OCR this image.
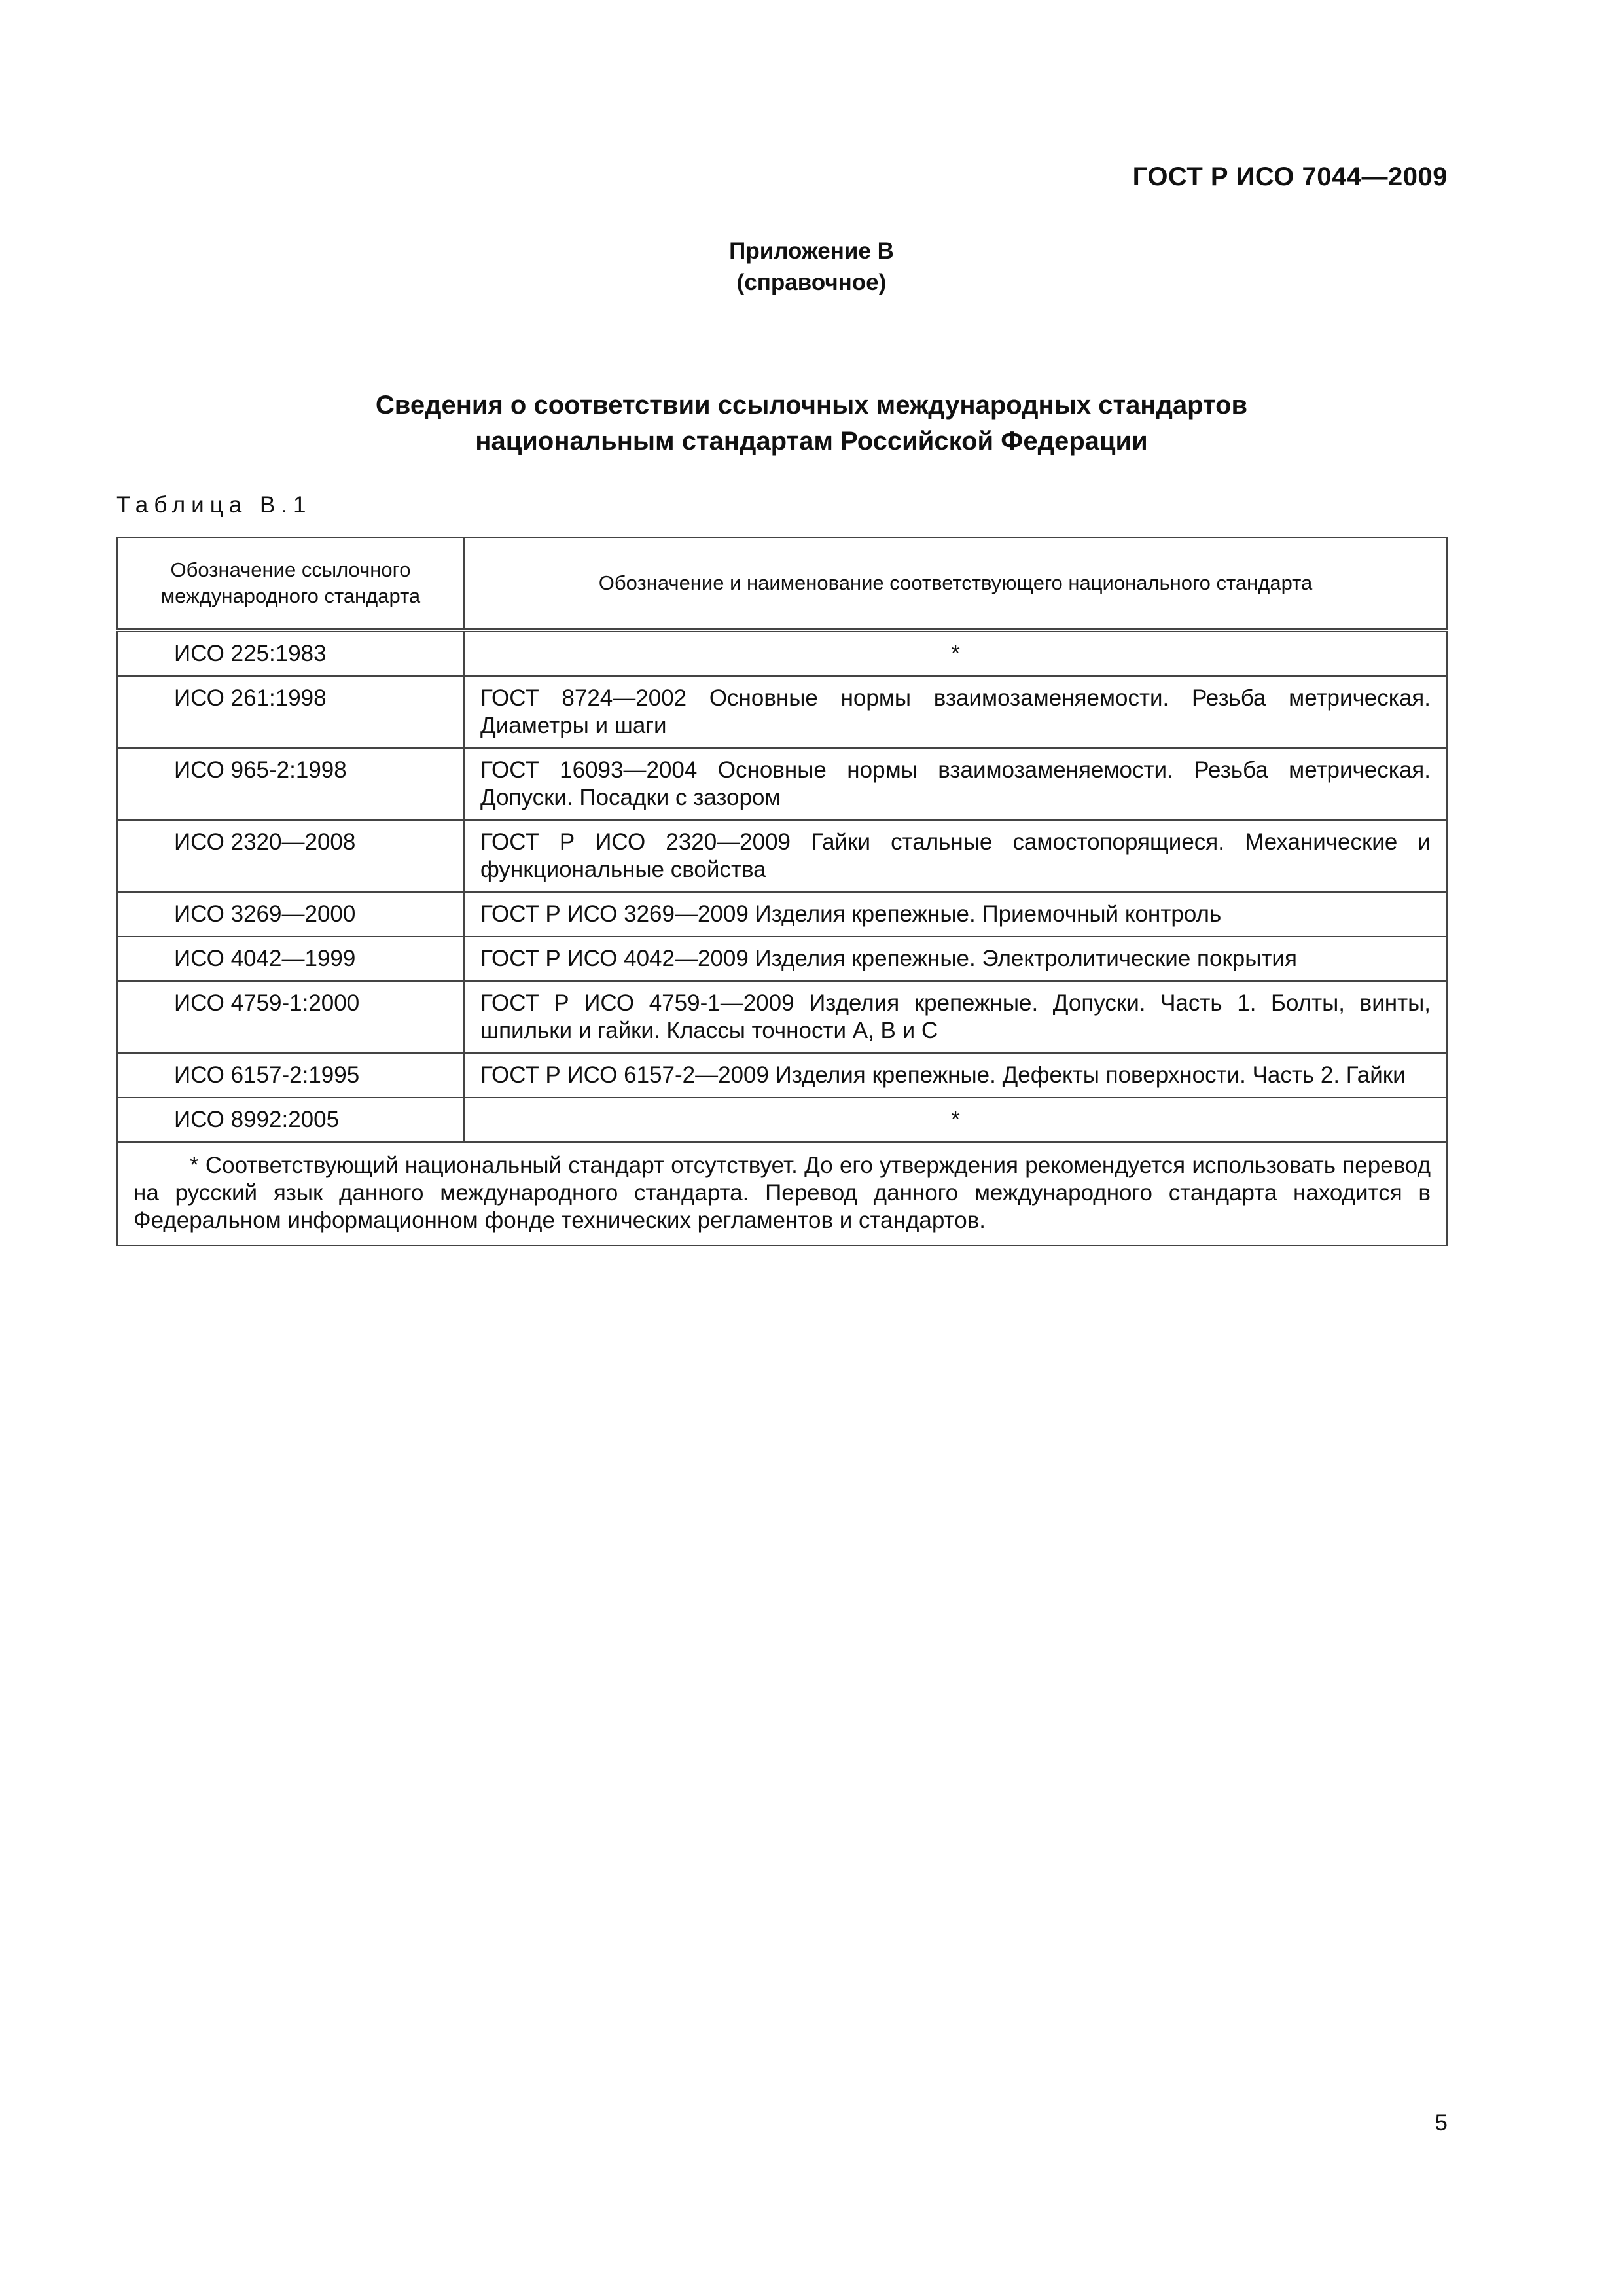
ГОСТ Р ИСО 7044—2009
Приложение В
(справочное)
Сведения о соответствии ссылочных международных стандартов
национальным стандартам Российской Федерации
Таблица В.1
Обозначение ссылочного международного стандарта	Обозначение и наименование соответствующего национального стандарта
ИСО 225:1983	*
ИСО 261:1998	ГОСТ 8724—2002 Основные нормы взаимозаменяемости. Резьба метрическая. Диаметры и шаги
ИСО 965-2:1998	ГОСТ 16093—2004 Основные нормы взаимозаменяемости. Резьба метрическая. Допуски. Посадки с зазором
ИСО 2320—2008	ГОСТ Р ИСО 2320—2009 Гайки стальные самостопорящиеся. Механические и функциональные свойства
ИСО 3269—2000	ГОСТ Р ИСО 3269—2009 Изделия крепежные. Приемочный контроль
ИСО 4042—1999	ГОСТ Р ИСО 4042—2009 Изделия крепежные. Электролитические покрытия
ИСО 4759-1:2000	ГОСТ Р ИСО 4759-1—2009 Изделия крепежные. Допуски. Часть 1. Болты, винты, шпильки и гайки. Классы точности А, В и С
ИСО 6157-2:1995	ГОСТ Р ИСО 6157-2—2009 Изделия крепежные. Дефекты поверхности. Часть 2. Гайки
ИСО 8992:2005	*
* Соответствующий национальный стандарт отсутствует. До его утверждения рекомендуется использовать перевод на русский язык данного международного стандарта. Перевод данного международного стандарта находится в Федеральном информационном фонде технических регламентов и стандартов.	
5
